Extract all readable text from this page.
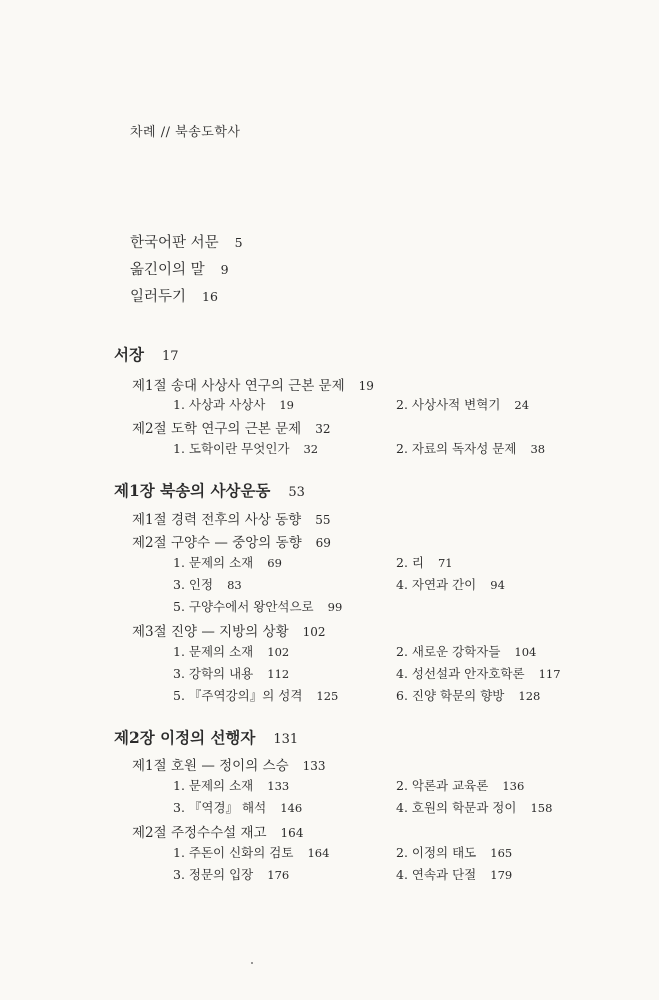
차례 // 북송도학사
한국어판 서문 5
옮긴이의 말 9
일러두기 16
서장 17
제1절 송대 사상사 연구의 근본 문제 19
1. 사상과 사상사 19	2. 사상사적 변혁기 24
제2절 도학 연구의 근본 문제 32
1. 도학이란 무엇인가 32	2. 자료의 독자성 문제 38
제1장 북송의 사상운동 53
제1절 경력 전후의 사상 동향 55
제2절 구양수 — 중앙의 동향 69
1. 문제의 소재 69	2. 리 71
3. 인정 83	4. 자연과 간이 94
5. 구양수에서 왕안석으로 99
제3절 진양 — 지방의 상황 102
1. 문제의 소재 102	2. 새로운 강학자들 104
3. 강학의 내용 112	4. 성선설과 안자호학론 117
5. 『주역강의』의 성격 125	6. 진양 학문의 향방 128
제2장 이정의 선행자 131
제1절 호원 — 정이의 스승 133
1. 문제의 소재 133	2. 악론과 교육론 136
3. 『역경』 해석 146	4. 호원의 학문과 정이 158
제2절 주정수수설 재고 164
1. 주돈이 신화의 검토 164	2. 이정의 태도 165
3. 정문의 입장 176	4. 연속과 단절 179
